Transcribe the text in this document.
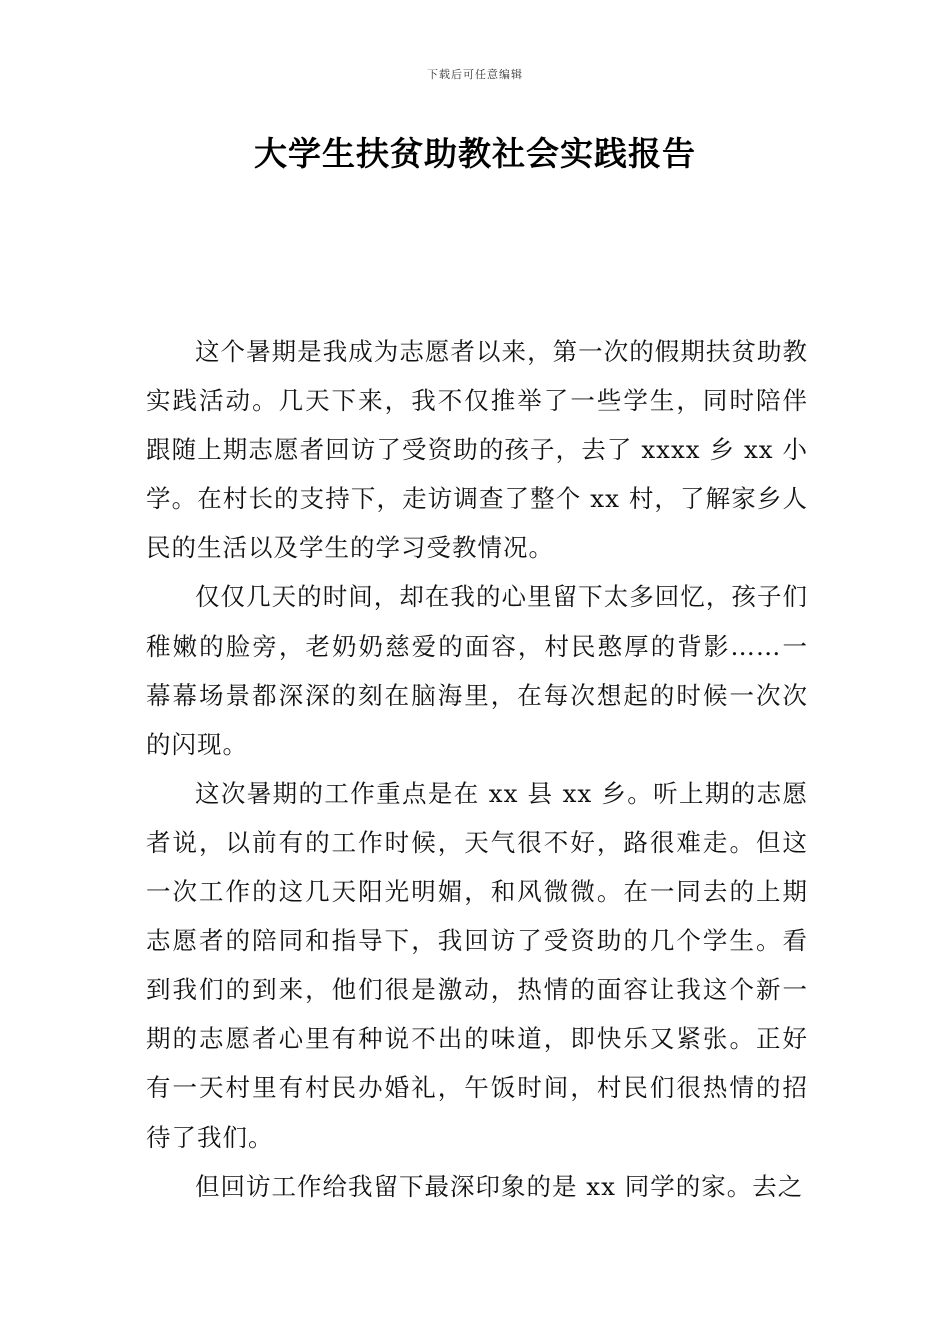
下载后可任意编辑
大学生扶贫助教社会实践报告

这个暑期是我成为志愿者以来，第一次的假期扶贫助教实践活动。几天下来，我不仅推举了一些学生，同时陪伴跟随上期志愿者回访了受资助的孩子，去了 xxxx 乡 xx 小学。在村长的支持下，走访调查了整个 xx 村，了解家乡人民的生活以及学生的学习受教情况。

仅仅几天的时间，却在我的心里留下太多回忆，孩子们稚嫩的脸旁，老奶奶慈爱的面容，村民憨厚的背影……一幕幕场景都深深的刻在脑海里，在每次想起的时候一次次的闪现。

这次暑期的工作重点是在 xx 县 xx 乡。听上期的志愿者说，以前有的工作时候，天气很不好，路很难走。但这一次工作的这几天阳光明媚，和风微微。在一同去的上期志愿者的陪同和指导下，我回访了受资助的几个学生。看到我们的到来，他们很是激动，热情的面容让我这个新一期的志愿者心里有种说不出的味道，即快乐又紧张。正好有一天村里有村民办婚礼，午饭时间，村民们很热情的招待了我们。

但回访工作给我留下最深印象的是 xx 同学的家。去之
